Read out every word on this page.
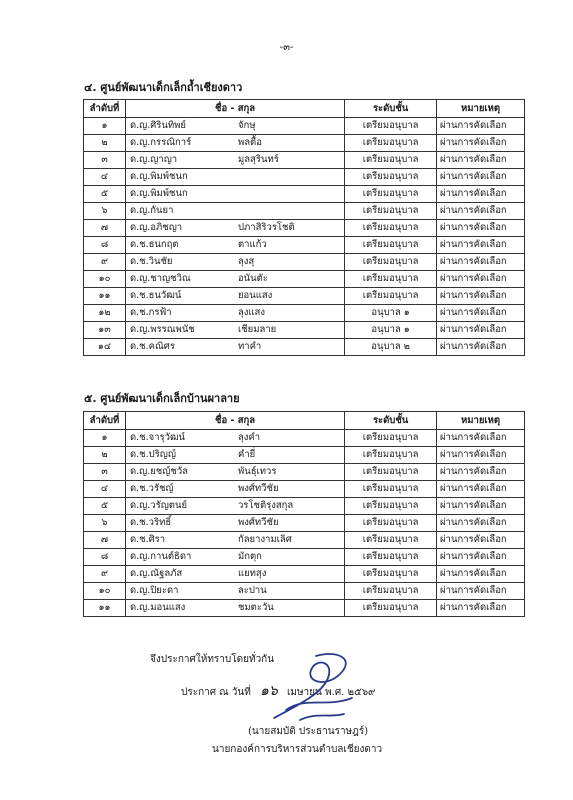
-๓-
๔. ศูนย์พัฒนาเด็กเล็กถ้ำเชียงดาว
ลำดับที่	ชื่อ - สกุล	ระดับชั้น	หมายเหตุ
๑	ด.ญ.ศิรินทิพย์ จักษุ	เตรียมอนุบาล	ผ่านการคัดเลือก
๒	ด.ญ.กรรณิการ์ พลตื้อ	เตรียมอนุบาล	ผ่านการคัดเลือก
๓	ด.ญ.ญาญา มูลสุรินทร์	เตรียมอนุบาล	ผ่านการคัดเลือก
๔	ด.ญ.พิมพ์ชนก	เตรียมอนุบาล	ผ่านการคัดเลือก
๕	ด.ญ.พิมพ์ชนก	เตรียมอนุบาล	ผ่านการคัดเลือก
๖	ด.ญ.กันยา	เตรียมอนุบาล	ผ่านการคัดเลือก
๗	ด.ญ.อภิชญา ปภาสิริวรโชติ	เตรียมอนุบาล	ผ่านการคัดเลือก
๘	ด.ช.ธนกฤต ตาแก้ว	เตรียมอนุบาล	ผ่านการคัดเลือก
๙	ด.ช.วินชัย ลุงสุ	เตรียมอนุบาล	ผ่านการคัดเลือก
๑๐	ด.ญ.ชาญชวิณ อนันตัะ	เตรียมอนุบาล	ผ่านการคัดเลือก
๑๑	ด.ช.ธนวัฒน์ ยอนแสง	เตรียมอนุบาล	ผ่านการคัดเลือก
๑๒	ด.ช.กรฟ้า ลุงแสง	อนุบาล ๑	ผ่านการคัดเลือก
๑๓	ด.ญ.พรรณพนัช เชียมลาย	อนุบาล ๑	ผ่านการคัดเลือก
๑๔	ด.ช.คณิศร ทาคำ	อนุบาล ๒	ผ่านการคัดเลือก
๕. ศูนย์พัฒนาเด็กเล็กบ้านผาลาย
ลำดับที่	ชื่อ - สกุล	ระดับชั้น	หมายเหตุ
๑	ด.ช.จารุวัฒน์ ลุงคำ	เตรียมอนุบาล	ผ่านการคัดเลือก
๒	ด.ช.ปริญญ์ คำยี่	เตรียมอนุบาล	ผ่านการคัดเลือก
๓	ด.ญ.ยชญ์ชวัล พันธุ์เทวร	เตรียมอนุบาล	ผ่านการคัดเลือก
๔	ด.ช.วรัชญ์ พงศ์ทวีชัย	เตรียมอนุบาล	ผ่านการคัดเลือก
๕	ด.ญ.วรัญตนย์ วรโชติรุ่งสกุล	เตรียมอนุบาล	ผ่านการคัดเลือก
๖	ด.ช.วริทธิ์ พงศ์ทวีชัย	เตรียมอนุบาล	ผ่านการคัดเลือก
๗	ด.ช.ศิรา กัลยางามเลิศ	เตรียมอนุบาล	ผ่านการคัดเลือก
๘	ด.ญ.กานต์ธิดา มักตุก	เตรียมอนุบาล	ผ่านการคัดเลือก
๙	ด.ญ.ณัฐลภัส แยทสุง	เตรียมอนุบาล	ผ่านการคัดเลือก
๑๐	ด.ญ.ปิยะดา ละปาน	เตรียมอนุบาล	ผ่านการคัดเลือก
๑๑	ด.ญ.มอนแสง ชมตะวัน	เตรียมอนุบาล	ผ่านการคัดเลือก
จึงประกาศให้ทราบโดยทั่วกัน
ประกาศ ณ วันที่ ๑๖ เมษายน พ.ศ. ๒๕๖๙
(นายสมบัติ ประธานราษฎร์)
นายกองค์การบริหารส่วนตำบลเชียงดาว
